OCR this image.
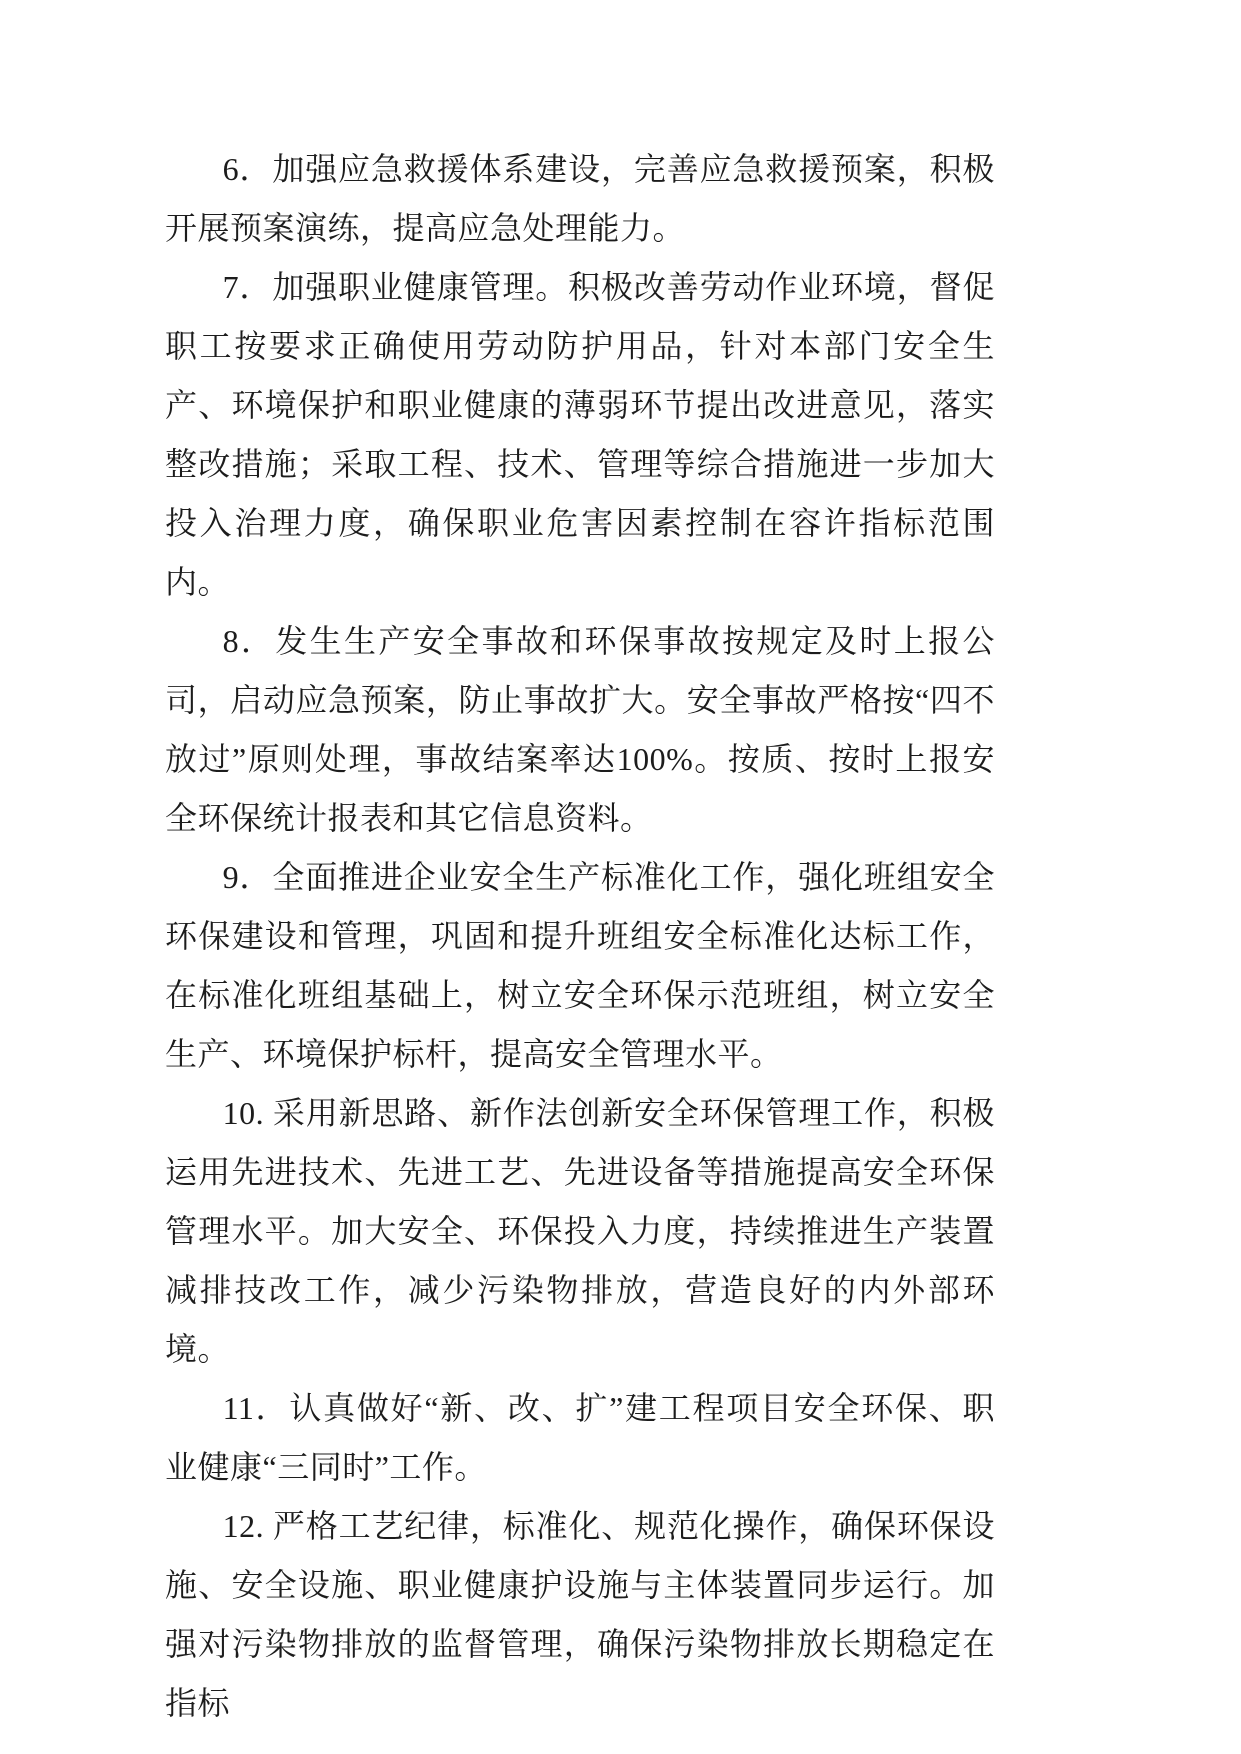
6．加强应急救援体系建设，完善应急救援预案，积极开展预案演练，提高应急处理能力。

7．加强职业健康管理。积极改善劳动作业环境，督促职工按要求正确使用劳动防护用品，针对本部门安全生产、环境保护和职业健康的薄弱环节提出改进意见，落实整改措施；采取工程、技术、管理等综合措施进一步加大投入治理力度，确保职业危害因素控制在容许指标范围内。

8．发生生产安全事故和环保事故按规定及时上报公司，启动应急预案，防止事故扩大。安全事故严格按“四不放过”原则处理，事故结案率达100%。按质、按时上报安全环保统计报表和其它信息资料。

9．全面推进企业安全生产标准化工作，强化班组安全环保建设和管理，巩固和提升班组安全标准化达标工作，在标准化班组基础上，树立安全环保示范班组，树立安全生产、环境保护标杆，提高安全管理水平。

10. 采用新思路、新作法创新安全环保管理工作，积极运用先进技术、先进工艺、先进设备等措施提高安全环保管理水平。加大安全、环保投入力度，持续推进生产装置减排技改工作，减少污染物排放，营造良好的内外部环境。

11．认真做好“新、改、扩”建工程项目安全环保、职业健康“三同时”工作。

12. 严格工艺纪律，标准化、规范化操作，确保环保设施、安全设施、职业健康护设施与主体装置同步运行。加强对污染物排放的监督管理，确保污染物排放长期稳定在指标
